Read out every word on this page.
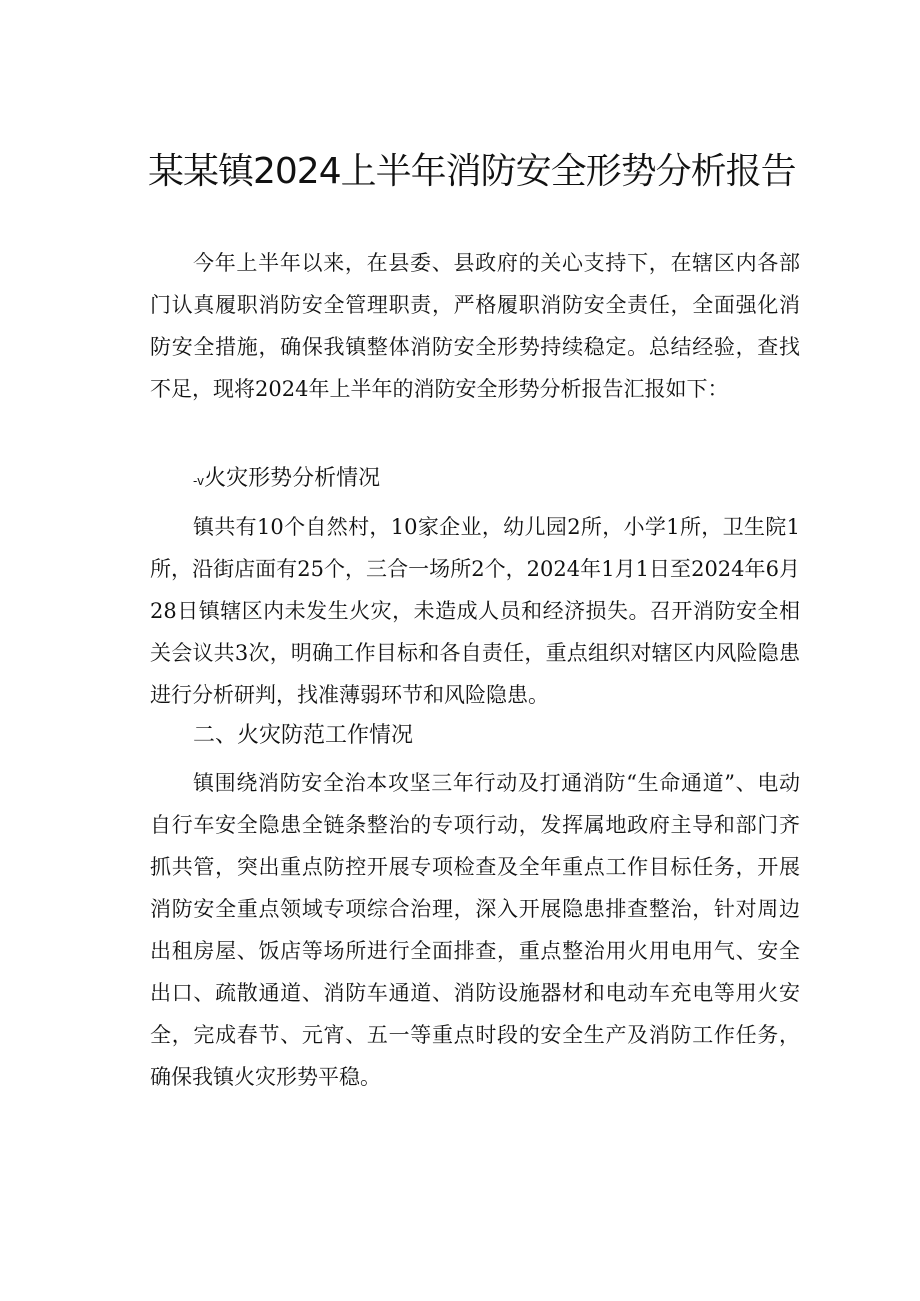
某某镇2024上半年消防安全形势分析报告

今年上半年以来，在县委、县政府的关心支持下，在辖区内各部门认真履职消防安全管理职责，严格履职消防安全责任，全面强化消防安全措施，确保我镇整体消防安全形势持续稳定。总结经验，查找不足，现将2024年上半年的消防安全形势分析报告汇报如下：

-v火灾形势分析情况

镇共有10个自然村，10家企业，幼儿园2所，小学1所，卫生院1所，沿街店面有25个，三合一场所2个，2024年1月1日至2024年6月28日镇辖区内未发生火灾，未造成人员和经济损失。召开消防安全相关会议共3次，明确工作目标和各自责任，重点组织对辖区内风险隐患进行分析研判，找准薄弱环节和风险隐患。

二、火灾防范工作情况

镇围绕消防安全治本攻坚三年行动及打通消防“生命通道”、电动自行车安全隐患全链条整治的专项行动，发挥属地政府主导和部门齐抓共管，突出重点防控开展专项检查及全年重点工作目标任务，开展消防安全重点领域专项综合治理，深入开展隐患排查整治，针对周边出租房屋、饭店等场所进行全面排查，重点整治用火用电用气、安全出口、疏散通道、消防车通道、消防设施器材和电动车充电等用火安全，完成春节、元宵、五一等重点时段的安全生产及消防工作任务，确保我镇火灾形势平稳。
